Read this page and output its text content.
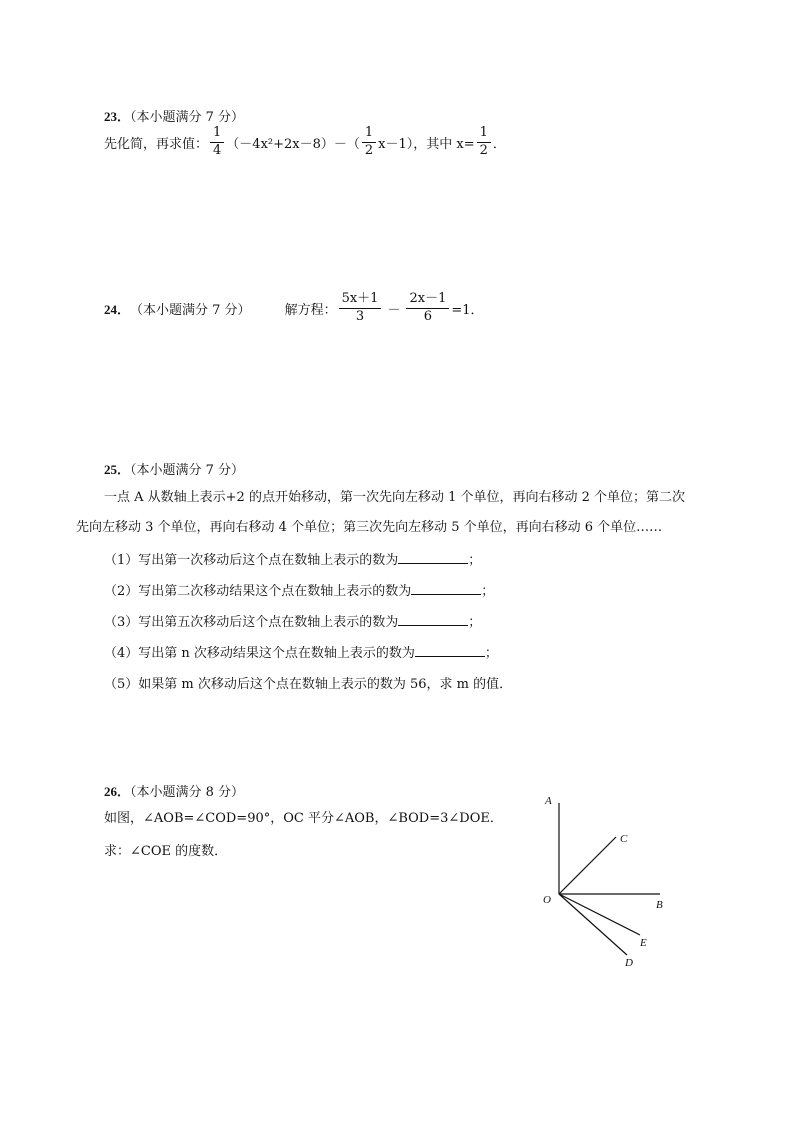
23．（本小题满分 7 分）
先化简，再求值： $\frac{1}{4} (-4x^2+2x-8)-( \frac{1}{2} x-1)$，其中 $x= \frac{1}{2}$ ．
24． （本小题满分 7 分）	解方程： $\frac{5x+1}{3} - \frac{2x-1}{6} =1$．
25．（本小题满分 7 分）
一点 A 从数轴上表示+2 的点开始移动，第一次先向左移动 1 个单位，再向右移动 2 个单位；第二次
先向左移动 3 个单位，再向右移动 4 个单位；第三次先向左移动 5 个单位，再向右移动 6 个单位……
（1）写出第一次移动后这个点在数轴上表示的数为	；
（2）写出第二次移动结果这个点在数轴上表示的数为	；
（3）写出第五次移动后这个点在数轴上表示的数为	；
（4）写出第 n 次移动结果这个点在数轴上表示的数为	；
（5）如果第 m 次移动后这个点在数轴上表示的数为 56，求 m 的值．
26．（本小题满分 8 分）
如图，∠AOB=∠COD=90°，OC 平分∠AOB，∠BOD=3∠DOE．
求：∠COE 的度数．
A
C
O	B
E
D
